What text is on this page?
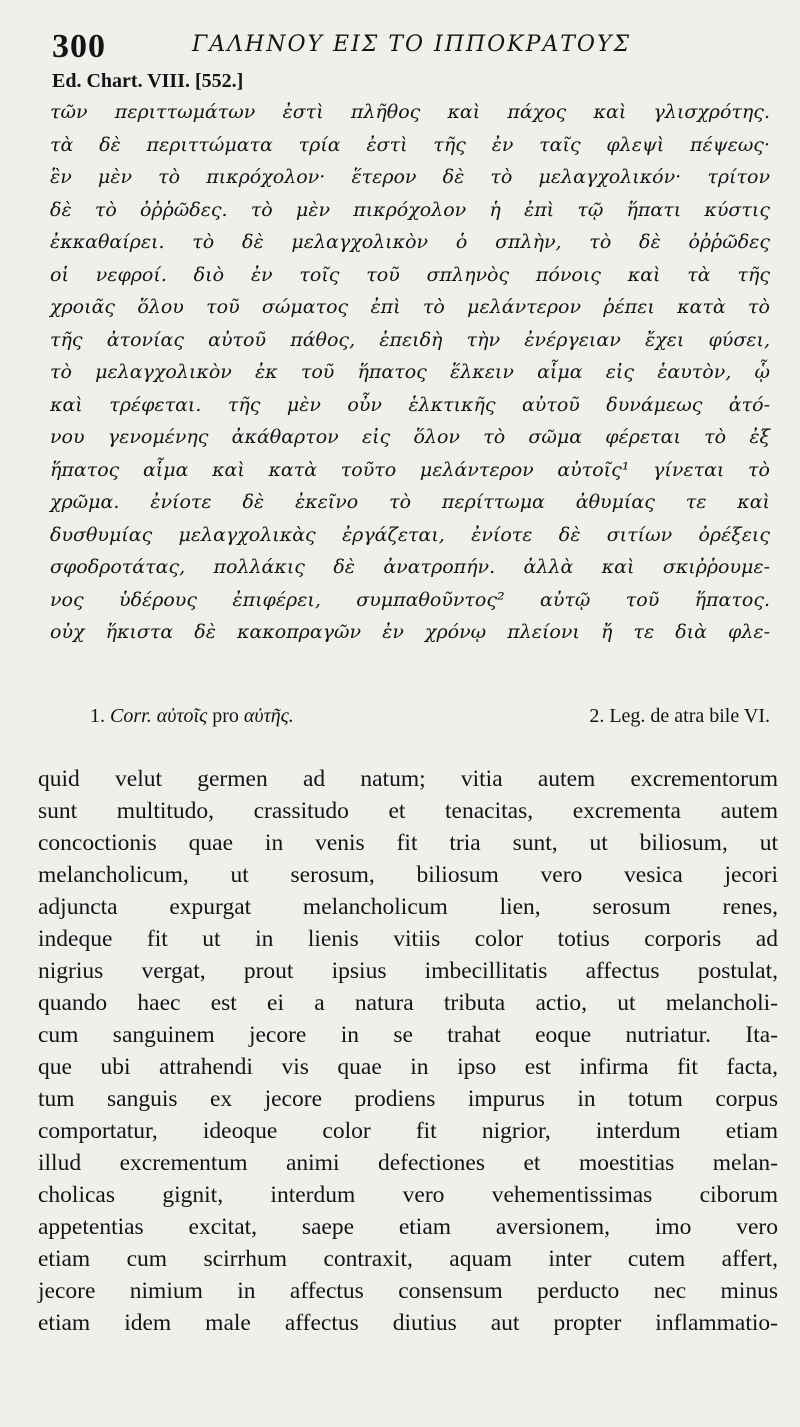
300	ΓΑΛΗΝΟΥ ΕΙΣ ΤΟ ΙΠΠΟΚΡΑΤΟΥΣ
Ed. Chart. VIII. [552.]
τῶν περιττωμάτων ἐστὶ πλῆθος καὶ πάχος καὶ γλισχρότης.
τὰ δὲ περιττώματα τρία ἐστὶ τῆς ἐν ταῖς φλεψὶ πέψεως·
ἓν μὲν τὸ πικρόχολον· ἕτερον δὲ τὸ μελαγχολικόν· τρίτον
δὲ τὸ ὀῤῥῶδες. τὸ μὲν πικρόχολον ἡ ἐπὶ τῷ ἥπατι κύστις
ἐκκαθαίρει. τὸ δὲ μελαγχολικὸν ὁ σπλὴν, τὸ δὲ ὀῤῥῶδες
οἱ νεφροί. διὸ ἐν τοῖς τοῦ σπληνὸς πόνοις καὶ τὰ τῆς
χροιᾶς ὅλου τοῦ σώματος ἐπὶ τὸ μελάντερον ῥέπει κατὰ τὸ
τῆς ἀτονίας αὐτοῦ πάθος, ἐπειδὴ τὴν ἐνέργειαν ἔχει φύσει,
τὸ μελαγχολικὸν ἐκ τοῦ ἥπατος ἕλκειν αἷμα εἰς ἑαυτὸν, ᾧ
καὶ τρέφεται. τῆς μὲν οὖν ἑλκτικῆς αὐτοῦ δυνάμεως ἀτό-
νου γενομένης ἀκάθαρτον εἰς ὅλον τὸ σῶμα φέρεται τὸ ἐξ
ἥπατος αἷμα καὶ κατὰ τοῦτο μελάντερον αὐτοῖς¹ γίνεται τὸ
χρῶμα. ἐνίοτε δὲ ἐκεῖνο τὸ περίττωμα ἀθυμίας τε καὶ
δυσθυμίας μελαγχολικὰς ἐργάζεται, ἐνίοτε δὲ σιτίων ὀρέξεις
σφοδροτάτας, πολλάκις δὲ ἀνατροπήν. ἀλλὰ καὶ σκιῤῥουμε-
νος ὑδέρους ἐπιφέρει, συμπαθοῦντος² αὐτῷ τοῦ ἥπατος.
οὐχ ἥκιστα δὲ κακοπραγῶν ἐν χρόνῳ πλείονι ἤ τε διὰ φλε-
1. Corr. αὐτοῖς pro αὐτῆς.	2. Leg. de atra bile VI.
quid velut germen ad natum; vitia autem excrementorum
sunt multitudo, crassitudo et tenacitas, excrementa autem
concoctionis quae in venis fit tria sunt, ut biliosum, ut
melancholicum, ut serosum, biliosum vero vesica jecori
adjuncta expurgat melancholicum lien, serosum renes,
indeque fit ut in lienis vitiis color totius corporis ad
nigrius vergat, prout ipsius imbecillitatis affectus postulat,
quando haec est ei a natura tributa actio, ut melancholi-
cum sanguinem jecore in se trahat eoque nutriatur. Ita-
que ubi attrahendi vis quae in ipso est infirma fit facta,
tum sanguis ex jecore prodiens impurus in totum corpus
comportatur, ideoque color fit nigrior, interdum etiam
illud excrementum animi defectiones et moestitias melan-
cholicas gignit, interdum vero vehementissimas ciborum
appetentias excitat, saepe etiam aversionem, imo vero
etiam cum scirrhum contraxit, aquam inter cutem affert,
jecore nimium in affectus consensum perducto nec minus
etiam idem male affectus diutius aut propter inflammatio-
